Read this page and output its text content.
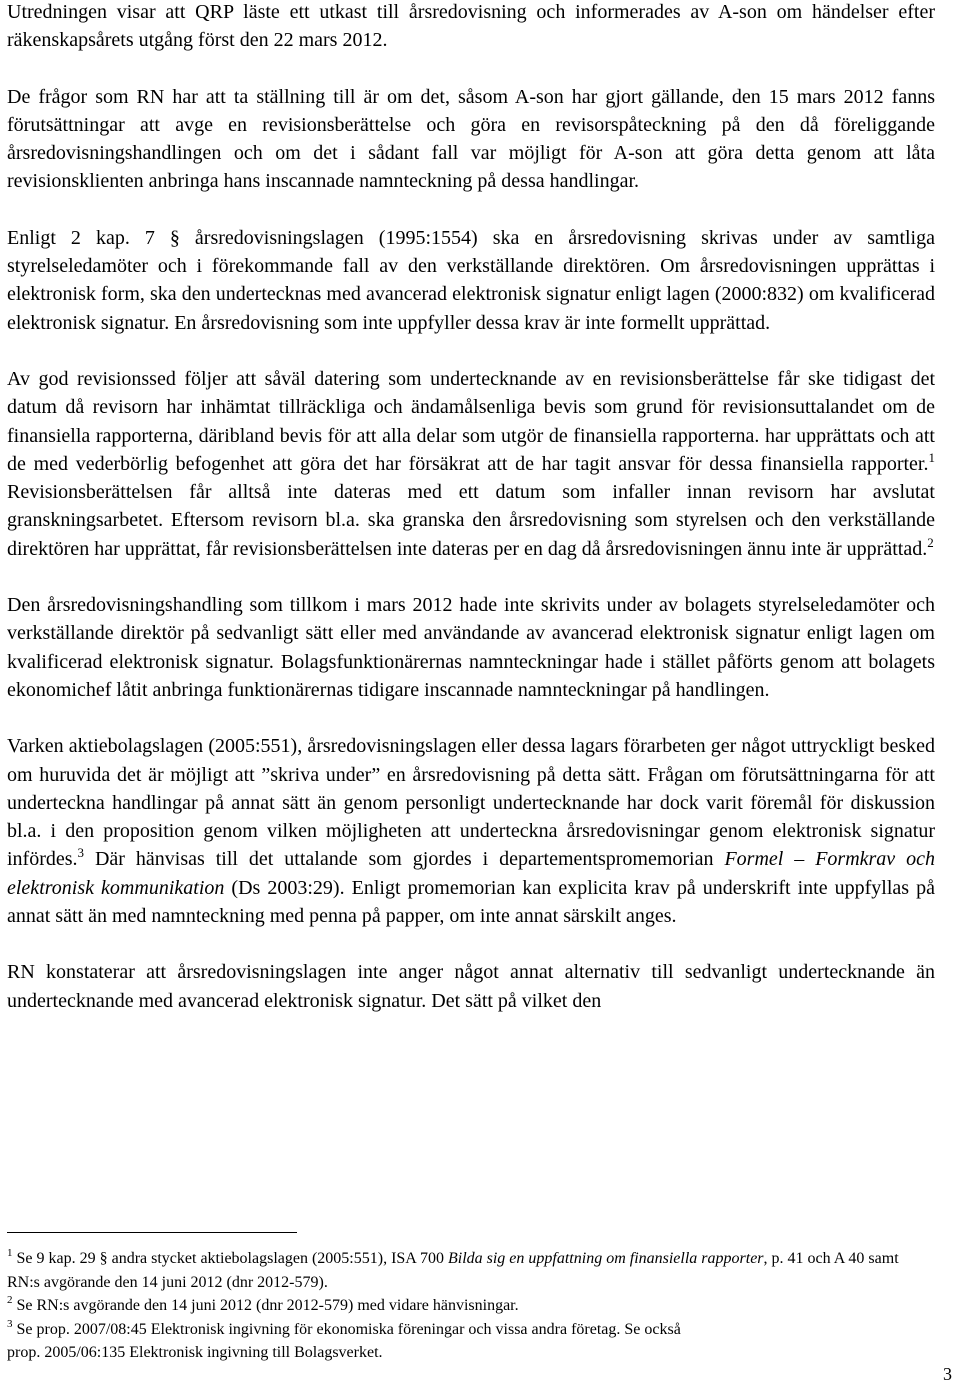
Utredningen visar att QRP läste ett utkast till årsredovisning och informerades av A-son om händelser efter räkenskapsårets utgång först den 22 mars 2012.

De frågor som RN har att ta ställning till är om det, såsom A-son har gjort gällande, den 15 mars 2012 fanns förutsättningar att avge en revisionsberättelse och göra en revisorspåteckning på den då föreliggande årsredovisningshandlingen och om det i sådant fall var möjligt för A-son att göra detta genom att låta revisionsklienten anbringa hans inscannade namnteckning på dessa handlingar.

Enligt 2 kap. 7 § årsredovisningslagen (1995:1554) ska en årsredovisning skrivas under av samtliga styrelseledamöter och i förekommande fall av den verkställande direktören. Om årsredovisningen upprättas i elektronisk form, ska den undertecknas med avancerad elektronisk signatur enligt lagen (2000:832) om kvalificerad elektronisk signatur. En årsredovisning som inte uppfyller dessa krav är inte formellt upprättad.

Av god revisionssed följer att såväl datering som undertecknande av en revisionsberättelse får ske tidigast det datum då revisorn har inhämtat tillräckliga och ändamålsenliga bevis som grund för revisionsuttalandet om de finansiella rapporterna, däribland bevis för att alla delar som utgör de finansiella rapporterna. har upprättats och att de med vederbörlig befogenhet att göra det har försäkrat att de har tagit ansvar för dessa finansiella rapporter.$^1$ Revisionsberättelsen får alltså inte dateras med ett datum som infaller innan revisorn har avslutat granskningsarbetet. Eftersom revisorn bl.a. ska granska den årsredovisning som styrelsen och den verkställande direktören har upprättat, får revisionsberättelsen inte dateras per en dag då årsredovisningen ännu inte är upprättad.$^2$

Den årsredovisningshandling som tillkom i mars 2012 hade inte skrivits under av bolagets styrelseledamöter och verkställande direktör på sedvanligt sätt eller med användande av avancerad elektronisk signatur enligt lagen om kvalificerad elektronisk signatur. Bolagsfunktionärernas namnteckningar hade i stället påförts genom att bolagets ekonomichef låtit anbringa funktionärernas tidigare inscannade namnteckningar på handlingen.

Varken aktiebolagslagen (2005:551), årsredovisningslagen eller dessa lagars förarbeten ger något uttryckligt besked om huruvida det är möjligt att ”skriva under” en årsredovisning på detta sätt. Frågan om förutsättningarna för att underteckna handlingar på annat sätt än genom personligt undertecknande har dock varit föremål för diskussion bl.a. i den proposition genom vilken möjligheten att underteckna årsredovisningar genom elektronisk signatur infördes.$^3$ Där hänvisas till det uttalande som gjordes i departementspromemorian Formel – Formkrav och elektronisk kommunikation (Ds 2003:29). Enligt promemorian kan explicita krav på underskrift inte uppfyllas på annat sätt än med namnteckning med penna på papper, om inte annat särskilt anges.

RN konstaterar att årsredovisningslagen inte anger något annat alternativ till sedvanligt undertecknande än undertecknande med avancerad elektronisk signatur. Det sätt på vilket den

$^1$ Se 9 kap. 29 § andra stycket aktiebolagslagen (2005:551), ISA 700 Bilda sig en uppfattning om finansiella rapporter, p. 41 och A 40 samt RN:s avgörande den 14 juni 2012 (dnr 2012-579).

$^2$ Se RN:s avgörande den 14 juni 2012 (dnr 2012-579) med vidare hänvisningar.

$^3$ Se prop. 2007/08:45 Elektronisk ingivning för ekonomiska föreningar och vissa andra företag. Se också

prop. 2005/06:135 Elektronisk ingivning till Bolagsverket.

3
